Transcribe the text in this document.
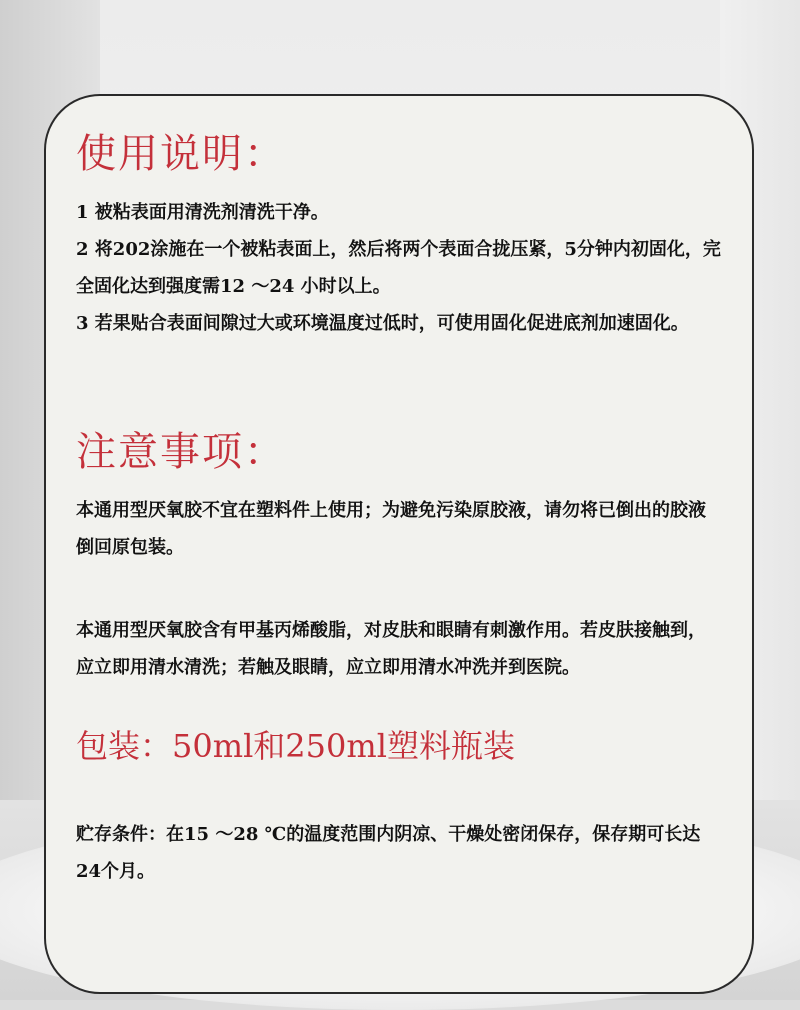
使用说明：

1 被粘表面用清洗剂清洗干净。

2 将202涂施在一个被粘表面上，然后将两个表面合拢压紧，5分钟内初固化，完全固化达到强度需12 ～24 小时以上。

3 若果贴合表面间隙过大或环境温度过低时，可使用固化促进底剂加速固化。

注意事项：

本通用型厌氧胶不宜在塑料件上使用；为避免污染原胶液，请勿将已倒出的胶液倒回原包装。

本通用型厌氧胶含有甲基丙烯酸脂，对皮肤和眼睛有刺激作用。若皮肤接触到，应立即用清水清洗；若触及眼睛，应立即用清水冲洗并到医院。

包装：50ml和250ml塑料瓶装

贮存条件：在15 ～28 ℃的温度范围内阴凉、干燥处密闭保存，保存期可长达24个月。
